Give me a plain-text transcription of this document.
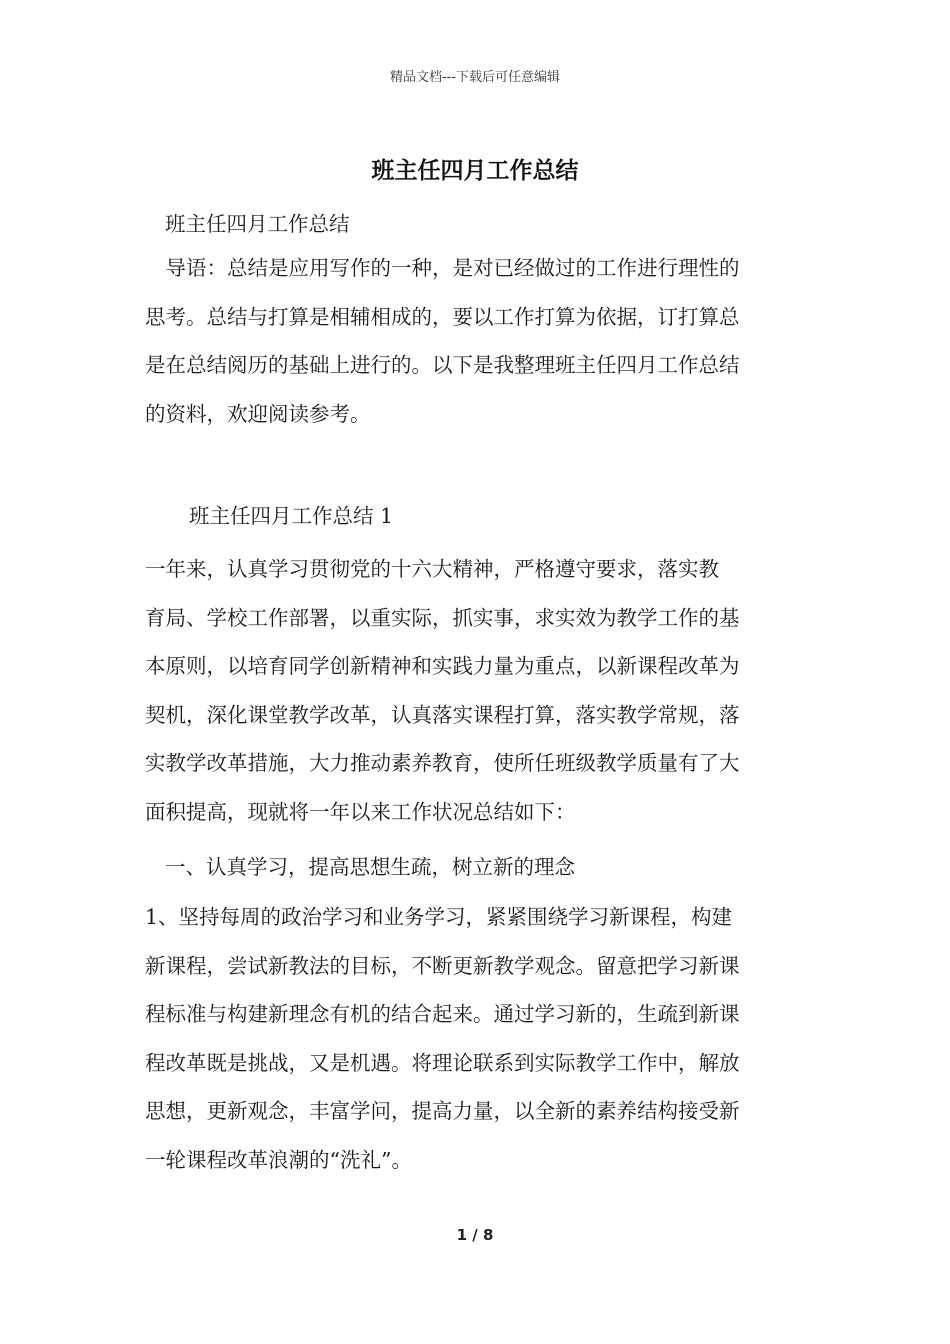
精品文档---下载后可任意编辑
班主任四月工作总结
班主任四月工作总结
　导语：总结是应用写作的一种，是对已经做过的工作进行理性的
思考。总结与打算是相辅相成的，要以工作打算为依据，订打算总
是在总结阅历的基础上进行的。以下是我整理班主任四月工作总结
的资料，欢迎阅读参考。
班主任四月工作总结 1
一年来，认真学习贯彻党的十六大精神，严格遵守要求，落实教
育局、学校工作部署，以重实际，抓实事，求实效为教学工作的基
本原则，以培育同学创新精神和实践力量为重点，以新课程改革为
契机，深化课堂教学改革，认真落实课程打算，落实教学常规，落
实教学改革措施，大力推动素养教育，使所任班级教学质量有了大
面积提高，现就将一年以来工作状况总结如下：
一、认真学习，提高思想生疏，树立新的理念
1、坚持每周的政治学习和业务学习，紧紧围绕学习新课程，构建
新课程，尝试新教法的目标，不断更新教学观念。留意把学习新课
程标准与构建新理念有机的结合起来。通过学习新的，生疏到新课
程改革既是挑战，又是机遇。将理论联系到实际教学工作中，解放
思想，更新观念，丰富学问，提高力量，以全新的素养结构接受新
一轮课程改革浪潮的“洗礼”。
1 / 8
